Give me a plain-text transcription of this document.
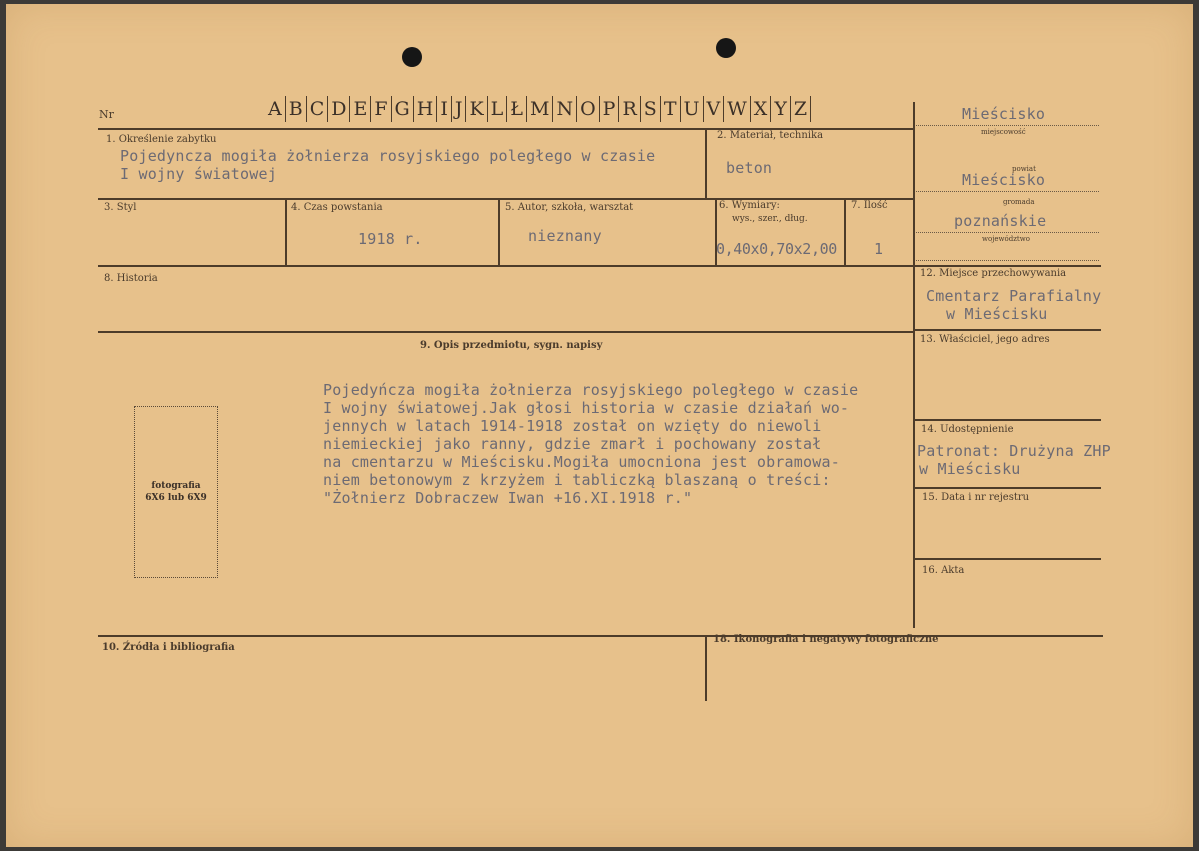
Nr	A B C D E F G H I J K L Ł M N O P R S T U V W X Y Z	Mieścisko
miejscowość
powiat
Mieścisko
gromada
poznańskie
województwo
1. Określenie zabytku
Pojedyncza mogiła żołnierza rosyjskiego poległego w czasie
I wojny światowej
2. Materiał, technika
beton
3. Styl	4. Czas powstania
1918 r.
5. Autor, szkoła, warsztat
nieznany
6. Wymiary:
wys., szer., dług.
0,40x0,70x2,00
7. Ilość
1
8. Historia
9. Opis przedmiotu, sygn. napisy
Pojedyńcza mogiła żołnierza rosyjskiego poległego w czasie
I wojny światowej.Jak głosi historia w czasie działań wo-
jennych w latach 1914-1918 został on wzięty do niewoli
niemieckiej jako ranny, gdzie zmarł i pochowany został
na cmentarzu w Mieścisku.Mogiła umocniona jest obramowa-
niem betonowym z krzyżem i tabliczką blaszaną o treści:
"Żołnierz Dobraczew Iwan +16.XI.1918 r."
fotografia
6X6 lub 6X9
12. Miejsce przechowywania
Cmentarz Parafialny
w Mieścisku
13. Właściciel, jego adres
14. Udostępnienie
Patronat: Drużyna ZHP
w Mieścisku
15. Data i nr rejestru
16. Akta
10. Źródła i bibliografia
18. Ikonografia i negatywy fotograficzne
